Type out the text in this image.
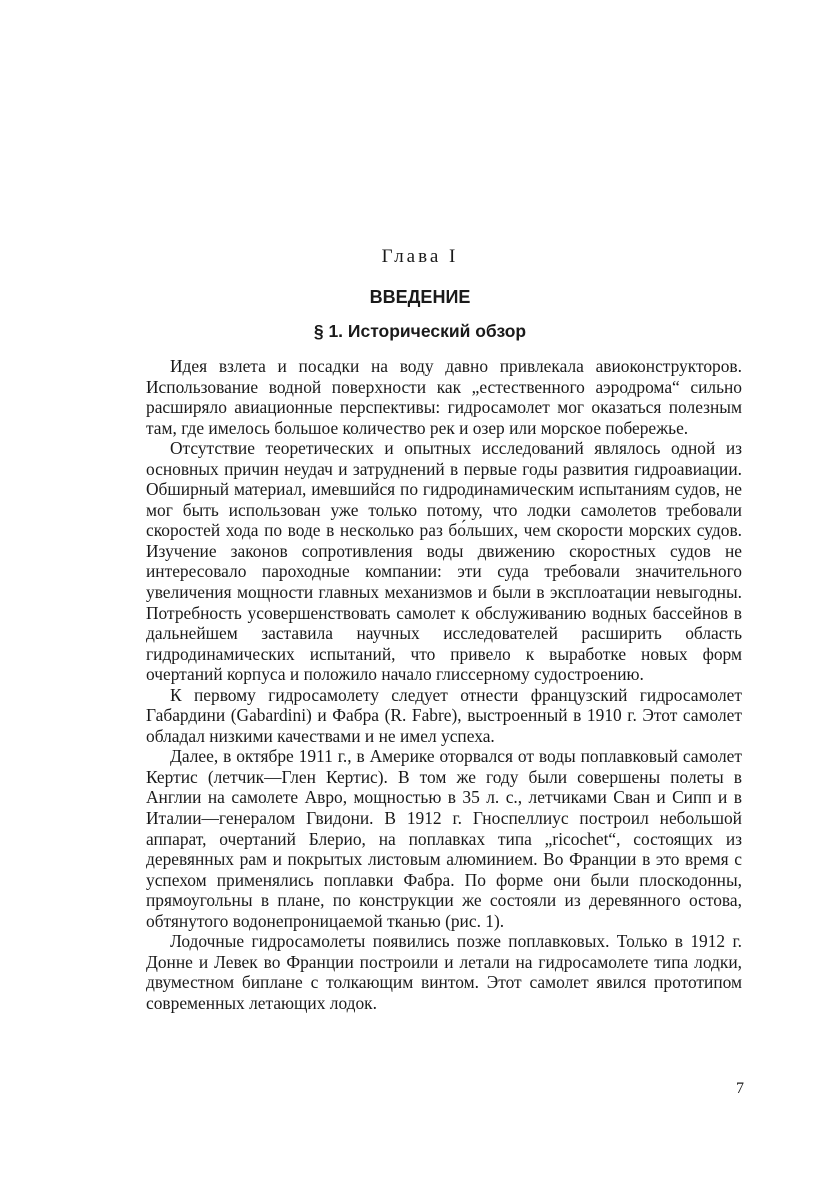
Глава I
ВВЕДЕНИЕ
§ 1. Исторический обзор

Идея взлета и посадки на воду давно привлекала авиоконструкторов. Использование водной поверхности как „естественного аэродрома“ сильно расширяло авиационные перспективы: гидросамолет мог оказаться полезным там, где имелось большое количество рек и озер или морское побережье.

Отсутствие теоретических и опытных исследований являлось одной из основных причин неудач и затруднений в первые годы развития гидроавиации. Обширный материал, имевшийся по гидродинамическим испытаниям судов, не мог быть использован уже только потому, что лодки самолетов требовали скоростей хода по воде в несколько раз бо́льших, чем скорости морских судов. Изучение законов сопротивления воды движению скоростных судов не интересовало пароходные компании: эти суда требовали значительного увеличения мощности главных механизмов и были в эксплоатации невыгодны. Потребность усовершенствовать самолет к обслуживанию водных бассейнов в дальнейшем заставила научных исследователей расширить область гидродинамических испытаний, что привело к выработке новых форм очертаний корпуса и положило начало глиссерному судостроению.

К первому гидросамолету следует отнести французский гидросамолет Габардини (Gabardini) и Фабра (R. Fabre), выстроенный в 1910 г. Этот самолет обладал низкими качествами и не имел успеха.

Далее, в октябре 1911 г., в Америке оторвался от воды поплавковый самолет Кертис (летчик—Глен Кертис). В том же году были совершены полеты в Англии на самолете Авро, мощностью в 35 л. с., летчиками Сван и Сипп и в Италии—генералом Гвидони. В 1912 г. Гноспеллиус построил небольшой аппарат, очертаний Блерио, на поплавках типа „ricochet“, состоящих из деревянных рам и покрытых листовым алюминием. Во Франции в это время с успехом применялись поплавки Фабра. По форме они были плоскодонны, прямоугольны в плане, по конструкции же состояли из деревянного остова, обтянутого водонепроницаемой тканью (рис. 1).

Лодочные гидросамолеты появились позже поплавковых. Только в 1912 г. Донне и Левек во Франции построили и летали на гидросамолете типа лодки, двуместном биплане с толкающим винтом. Этот самолет явился прототипом современных летающих лодок.

7
